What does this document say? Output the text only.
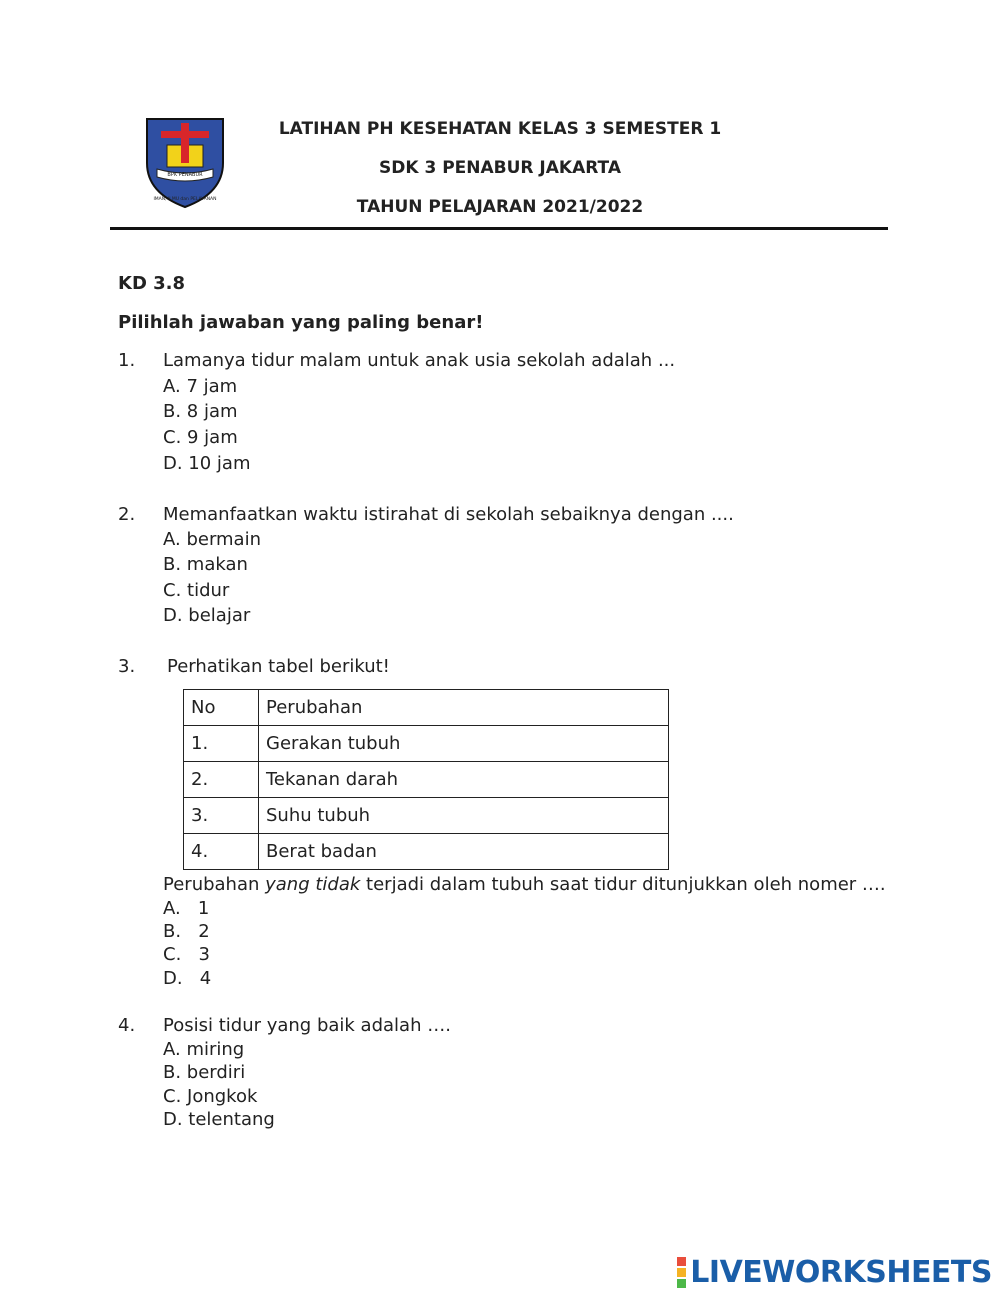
BPK PENABUR
IMAN, ILMU dan PELAYANAN
LATIHAN PH KESEHATAN KELAS 3 SEMESTER 1
SDK 3 PENABUR JAKARTA
TAHUN PELAJARAN 2021/2022
KD 3.8
Pilihlah jawaban yang paling benar!
1. Lamanya tidur malam untuk anak usia sekolah adalah ...
A. 7 jam
B. 8 jam
C. 9 jam
D. 10 jam
2. Memanfaatkan waktu istirahat di sekolah sebaiknya dengan ....
A. bermain
B. makan
C. tidur
D. belajar
3. Perhatikan tabel berikut!
No	Perubahan
1.	Gerakan tubuh
2.	Tekanan darah
3.	Suhu tubuh
4.	Berat badan
Perubahan yang tidak terjadi dalam tubuh saat tidur ditunjukkan oleh nomer ….
A.   1
B.   2
C.   3
D.   4
4. Posisi tidur yang baik adalah ….
A. miring
B. berdiri
C. Jongkok
D. telentang
LIVEWORKSHEETS
